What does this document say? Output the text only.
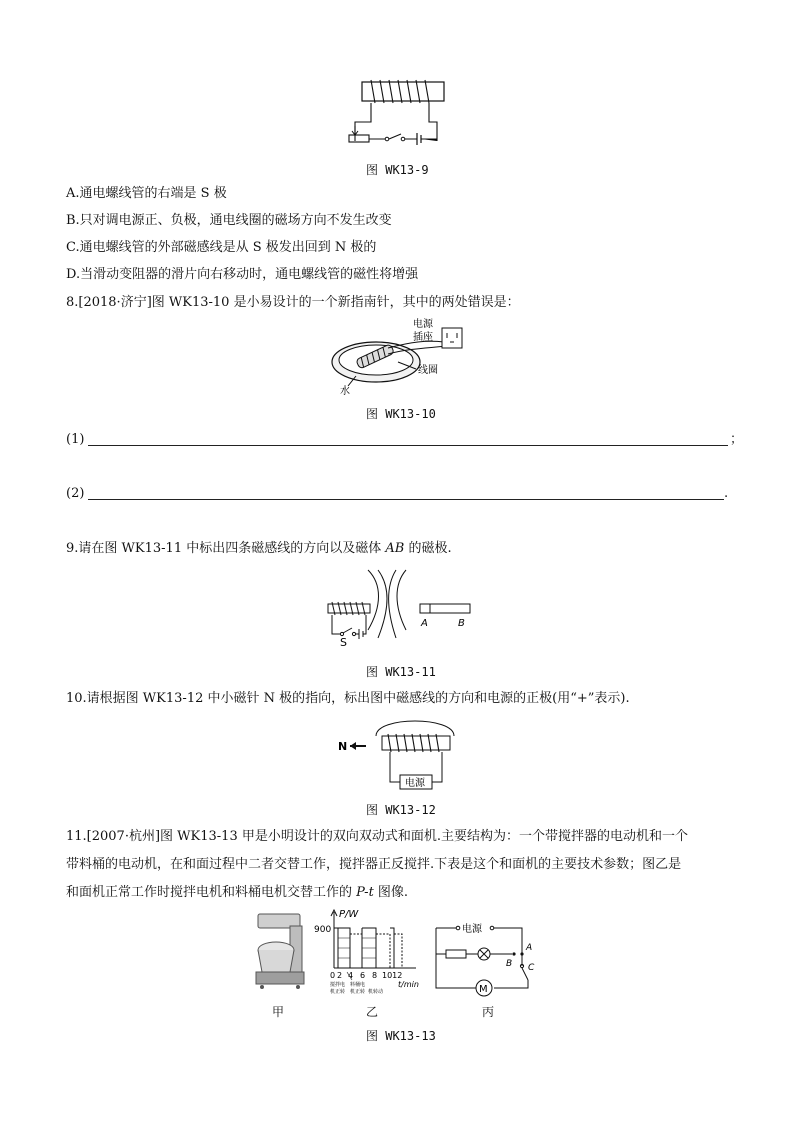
图 WK13-9
A.通电螺线管的右端是 S 极
B.只对调电源正、负极，通电线圈的磁场方向不发生改变
C.通电螺线管的外部磁感线是从 S 极发出回到 N 极的
D.当滑动变阻器的滑片向右移动时，通电螺线管的磁性将增强
8.[2018·济宁]图 WK13-10 是小易设计的一个新指南针，其中的两处错误是：
电源
插座
线圈
水
图 WK13-10
(1)	；
(2)	.
9.请在图 WK13-11 中标出四条磁感线的方向以及磁体 AB 的磁极.
S
A	B
图 WK13-11
10.请根据图 WK13-12 中小磁针 N 极的指向，标出图中磁感线的方向和电源的正极(用“+”表示).
N
电源
图 WK13-12
11.[2007·杭州]图 WK13-13 甲是小明设计的双向双动式和面机.主要结构为：一个带搅拌器的电动机和一个
带料桶的电动机，在和面过程中二者交替工作，搅拌器正反搅拌.下表是这个和面机的主要技术参数；图乙是
和面机正常工作时搅拌电机和料桶电机交替工作的 P-t 图像.
甲
P/W
900
0 2 4 6 8 1012
t/min
搅拌电
机正转
料桶电
机正转 机转动
乙
电源
M
A
B C
丙
图 WK13-13
